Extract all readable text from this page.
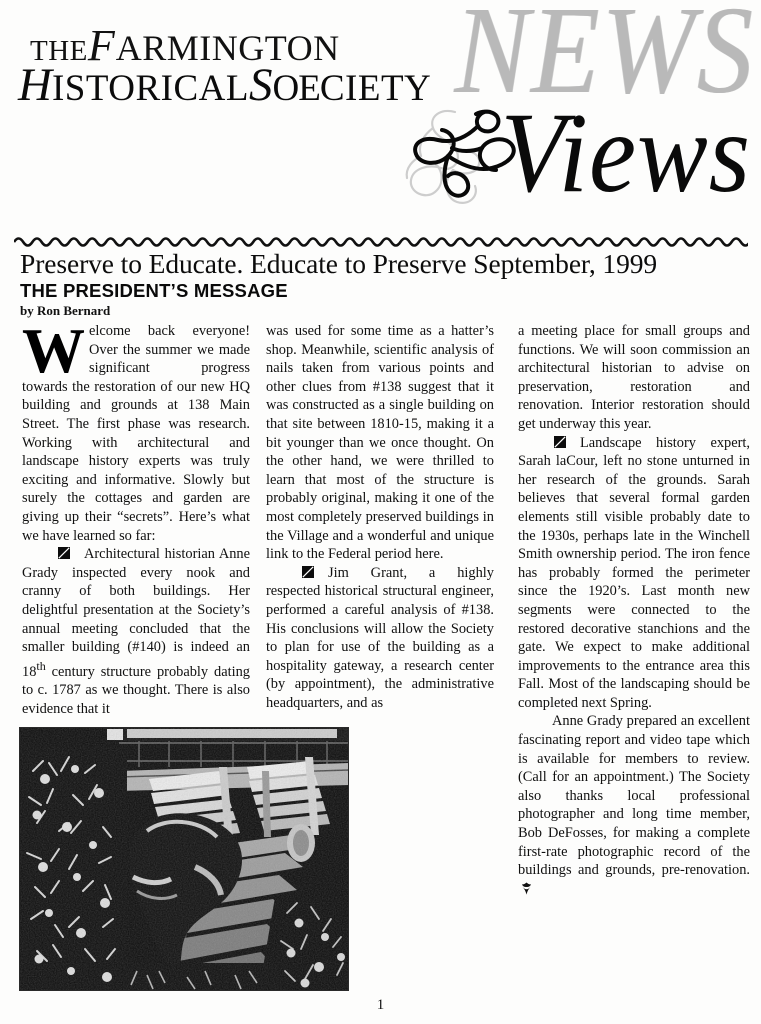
NEWS
THEFARMINGTON
HISTORICALSOECIETY
Views
Preserve to Educate. Educate to Preserve September, 1999
THE PRESIDENT’S MESSAGE
by Ron Bernard

Welcome back everyone! Over the summer we made significant progress towards the restoration of our new HQ building and grounds at 138 Main Street. The first phase was research. Working with architectural and landscape history experts was truly exciting and informative. Slowly but surely the cottages and garden are giving up their “secrets”. Here’s what we have learned so far:

Architectural historian Anne Grady inspected every nook and cranny of both buildings. Her delightful presentation at the Society’s annual meeting concluded that the smaller building (#140) is indeed an 18th century structure probably dating to c. 1787 as we thought. There is also evidence that it

was used for some time as a hatter’s shop. Meanwhile, scientific analysis of nails taken from various points and other clues from #138 suggest that it was constructed as a single building on that site between 1810-15, making it a bit younger than we once thought. On the other hand, we were thrilled to learn that most of the structure is probably original, making it one of the most completely preserved buildings in the Village and a wonderful and unique link to the Federal period here.

Jim Grant, a highly respected historical structural engineer, performed a careful analysis of #138. His conclusions will allow the Society to plan for use of the building as a hospitality gateway, a research center (by appointment), the administrative headquarters, and as

a meeting place for small groups and functions. We will soon commission an architectural historian to advise on preservation, restoration and renovation. Interior restoration should get underway this year.

Landscape history expert, Sarah laCour, left no stone unturned in her research of the grounds. Sarah believes that several formal garden elements still visible probably date to the 1930s, perhaps late in the Winchell Smith ownership period. The iron fence has probably formed the perimeter since the 1920’s. Last month new segments were connected to the restored decorative stanchions and the gate. We expect to make additional improvements to the entrance area this Fall. Most of the landscaping should be completed next Spring.

Anne Grady prepared an excellent fascinating report and video tape which is available for members to review. (Call for an appointment.) The Society also thanks local professional photographer and long time member, Bob DeFosses, for making a complete first-rate photographic record of the buildings and grounds, pre-renovation.

1
